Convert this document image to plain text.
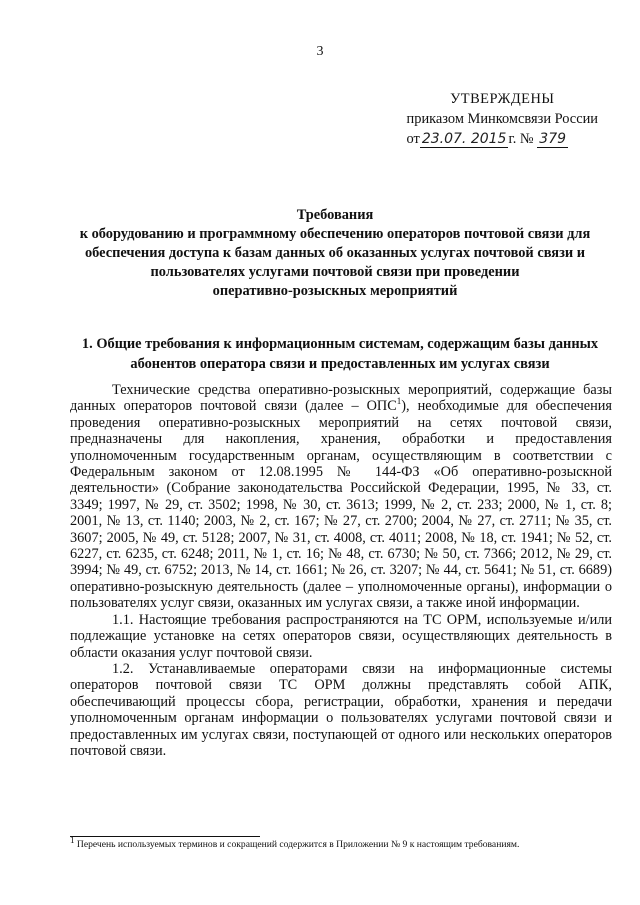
3
УТВЕРЖДЕНЫ
приказом Минкомсвязи России
от 23.07. 2015 г. № 379
Требования
к оборудованию и программному обеспечению операторов почтовой связи для
обеспечения доступа к базам данных об оказанных услугах почтовой связи и
пользователях услугами почтовой связи при проведении
оперативно-розыскных мероприятий
1. Общие требования к информационным системам, содержащим базы данных
абонентов оператора связи и предоставленных им услугах связи

Технические средства оперативно-розыскных мероприятий, содержащие базы данных операторов почтовой связи (далее – ОПС$^1$), необходимые для обеспечения проведения оперативно-розыскных мероприятий на сетях почтовой связи, предназначены для накопления, хранения, обработки и предоставления уполномоченным государственным органам, осуществляющим в соответствии с Федеральным законом от 12.08.1995 № 144-ФЗ «Об оперативно-розыскной деятельности» (Собрание законодательства Российской Федерации, 1995, № 33, ст. 3349; 1997, № 29, ст. 3502; 1998, № 30, ст. 3613; 1999, № 2, ст. 233; 2000, № 1, ст. 8; 2001, № 13, ст. 1140; 2003, № 2, ст. 167; № 27, ст. 2700; 2004, № 27, ст. 2711; № 35, ст. 3607; 2005, № 49, ст. 5128; 2007, № 31, ст. 4008, ст. 4011; 2008, № 18, ст. 1941; № 52, ст. 6227, ст. 6235, ст. 6248; 2011, № 1, ст. 16; № 48, ст. 6730; № 50, ст. 7366; 2012, № 29, ст. 3994; № 49, ст. 6752; 2013, № 14, ст. 1661; № 26, ст. 3207; № 44, ст. 5641; № 51, ст. 6689) оперативно-розыскную деятельность (далее – уполномоченные органы), информации о пользователях услуг связи, оказанных им услугах связи, а также иной информации.

1.1. Настоящие требования распространяются на ТС ОРМ, используемые и/или подлежащие установке на сетях операторов связи, осуществляющих деятельность в области оказания услуг почтовой связи.

1.2. Устанавливаемые операторами связи на информационные системы операторов почтовой связи ТС ОРМ должны представлять собой АПК, обеспечивающий процессы сбора, регистрации, обработки, хранения и передачи уполномоченным органам информации о пользователях услугами почтовой связи и предоставленных им услугах связи, поступающей от одного или нескольких операторов почтовой связи.

$^1$ Перечень используемых терминов и сокращений содержится в Приложении № 9 к настоящим требованиям.
